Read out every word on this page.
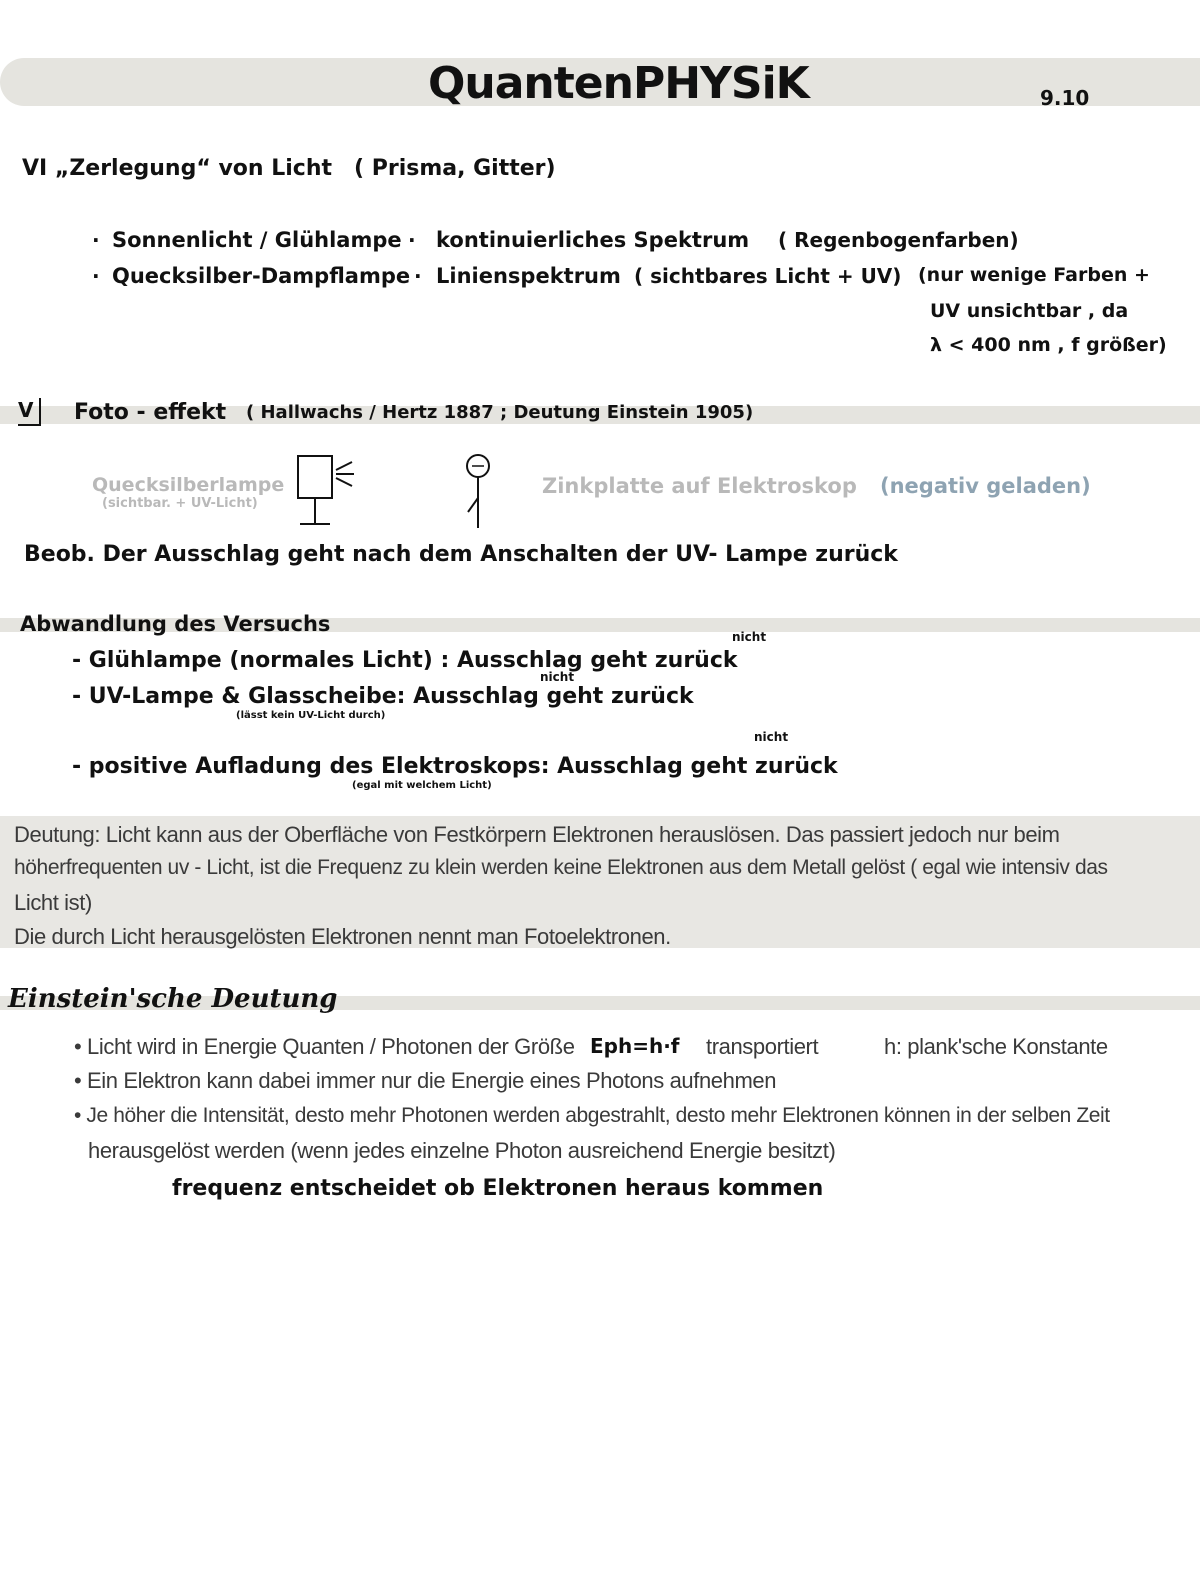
QuantenPHYSiK	9.10
VI „Zerlegung“ von Licht ( Prisma, Gitter)
· Sonnenlicht / Glühlampe · kontinuierliches Spektrum ( Regenbogenfarben)
· Quecksilber-Dampflampe · Linienspektrum ( sichtbares Licht + UV) (nur wenige Farben +
UV unsichtbar , da
λ < 400 nm , f größer)
V	Foto - effekt ( Hallwachs / Hertz 1887 ; Deutung Einstein 1905)
Quecksilberlampe
(sichtbar. + UV-Licht)
Zinkplatte auf Elektroskop (negativ geladen)
Beob. Der Ausschlag geht nach dem Anschalten der UV- Lampe zurück
Abwandlung des Versuchs
- Glühlampe (normales Licht) : Ausschlag geht zurück
nicht
- UV-Lampe & Glasscheibe: Ausschlag geht zurück
nicht
(lässt kein UV-Licht durch)
- positive Aufladung des Elektroskops: Ausschlag geht zurück
nicht
(egal mit welchem Licht)
Deutung: Licht kann aus der Oberfläche von Festkörpern Elektronen herauslösen. Das passiert jedoch nur beim
höherfrequenten uv - Licht, ist die Frequenz zu klein werden keine Elektronen aus dem Metall gelöst ( egal wie intensiv das
Licht ist)
Die durch Licht herausgelösten Elektronen nennt man Fotoelektronen.
Einstein'sche Deutung
• Licht wird in Energie Quanten / Photonen der Größe Eph=h·f transportiert	h: plank'sche Konstante
• Ein Elektron kann dabei immer nur die Energie eines Photons aufnehmen
• Je höher die Intensität, desto mehr Photonen werden abgestrahlt, desto mehr Elektronen können in der selben Zeit
herausgelöst werden (wenn jedes einzelne Photon ausreichend Energie besitzt)
frequenz entscheidet ob Elektronen heraus kommen
